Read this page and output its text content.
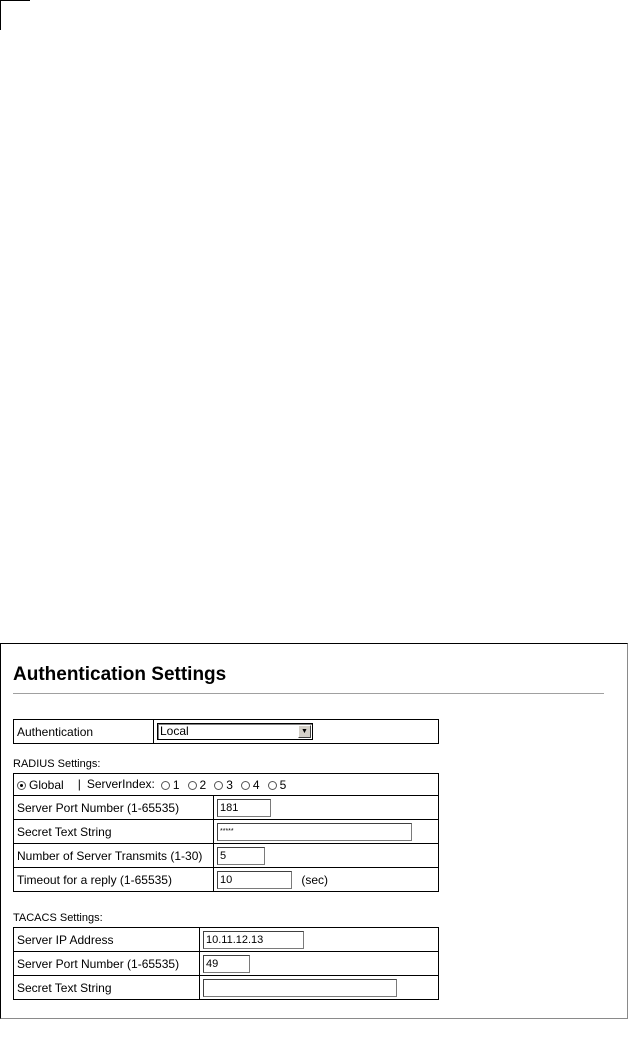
Authentication Settings
Authentication	Local	▼
RADIUS Settings:
Global | ServerIndex: 1 2 3 4 5	
Server Port Number (1-65535)	181
Secret Text String	*****
Number of Server Transmits (1-30)	5
Timeout for a reply (1-65535)	10 (sec)
TACACS Settings:
Server IP Address	10.11.12.13
Server Port Number (1-65535)	49
Secret Text String	
